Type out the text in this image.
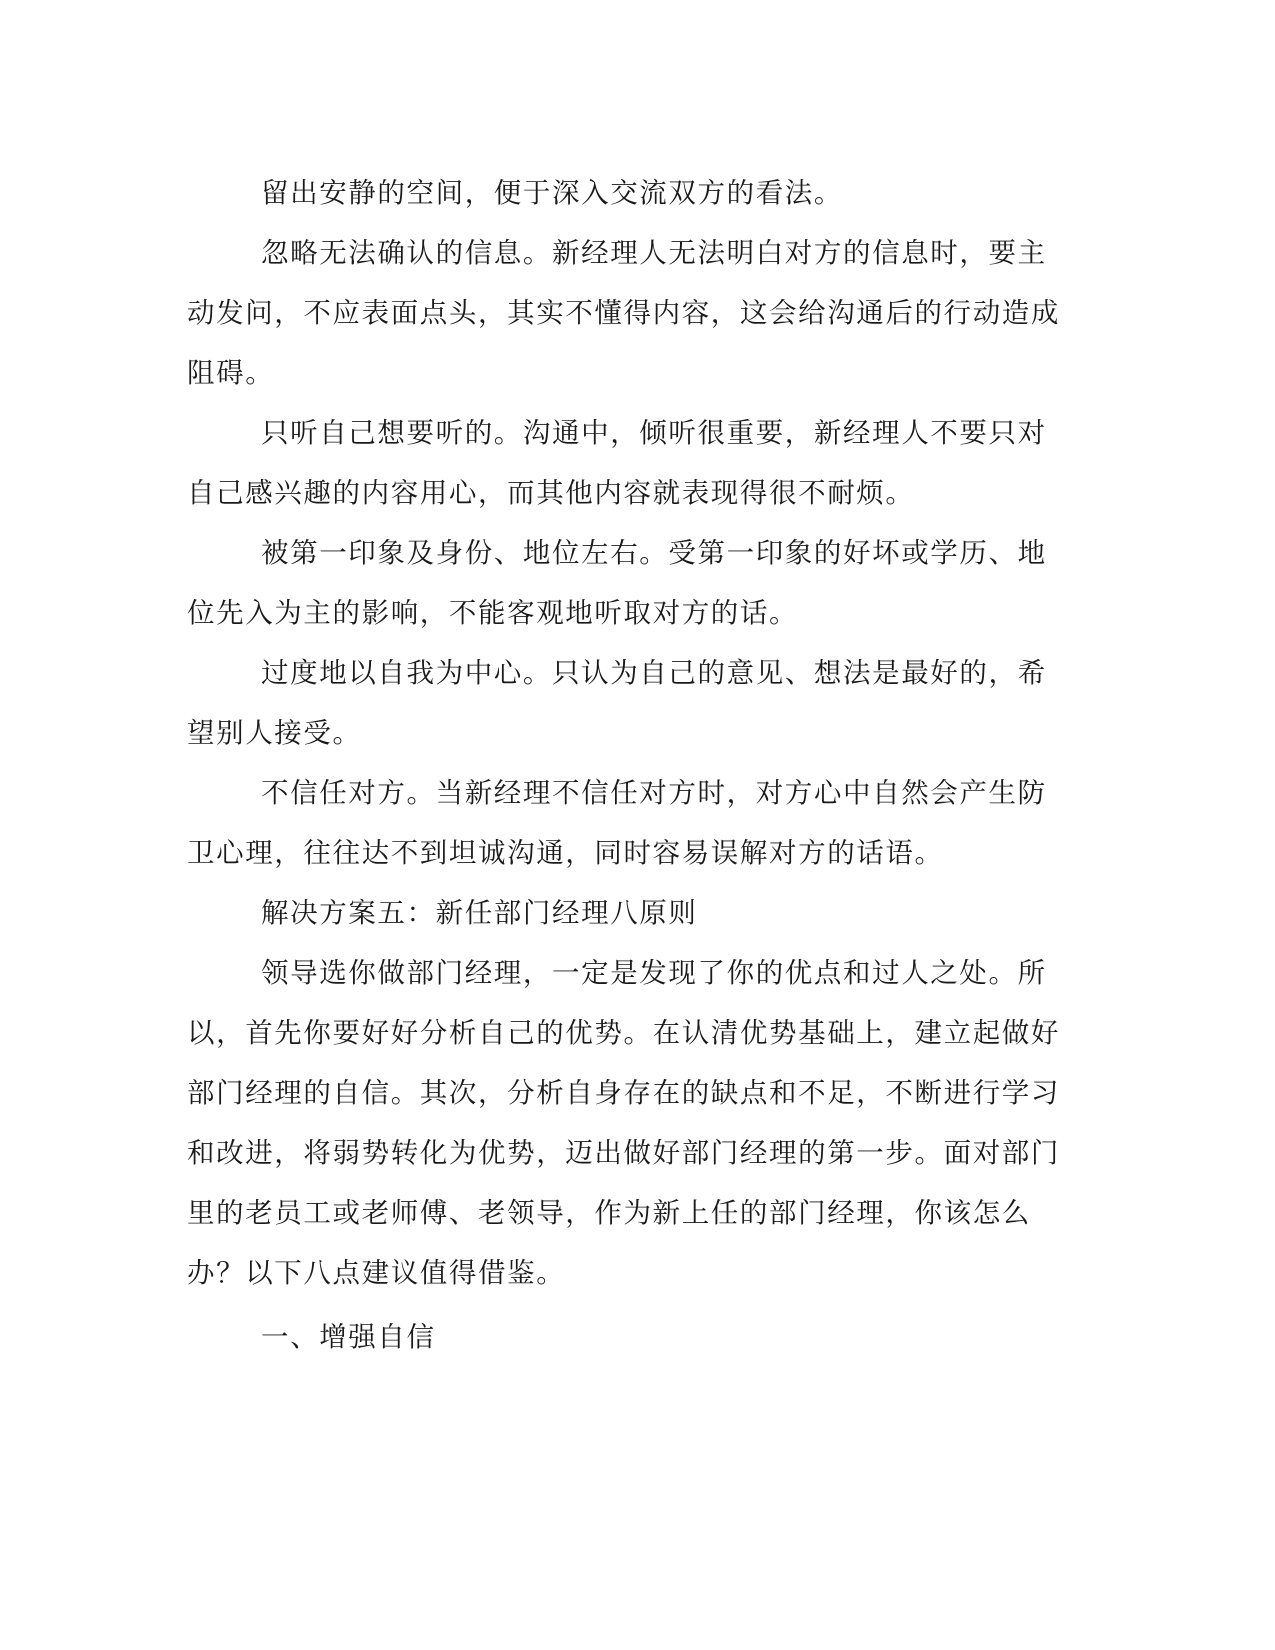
留出安静的空间，便于深入交流双方的看法。

忽略无法确认的信息。新经理人无法明白对方的信息时，要主动发问，不应表面点头，其实不懂得内容，这会给沟通后的行动造成阻碍。

只听自己想要听的。沟通中，倾听很重要，新经理人不要只对自己感兴趣的内容用心，而其他内容就表现得很不耐烦。

被第一印象及身份、地位左右。受第一印象的好坏或学历、地位先入为主的影响，不能客观地听取对方的话。

过度地以自我为中心。只认为自己的意见、想法是最好的，希望别人接受。

不信任对方。当新经理不信任对方时，对方心中自然会产生防卫心理，往往达不到坦诚沟通，同时容易误解对方的话语。

解决方案五：新任部门经理八原则

领导选你做部门经理，一定是发现了你的优点和过人之处。所以，首先你要好好分析自己的优势。在认清优势基础上，建立起做好部门经理的自信。其次，分析自身存在的缺点和不足，不断进行学习和改进，将弱势转化为优势，迈出做好部门经理的第一步。面对部门里的老员工或老师傅、老领导，作为新上任的部门经理，你该怎么办？以下八点建议值得借鉴。

一、增强自信
